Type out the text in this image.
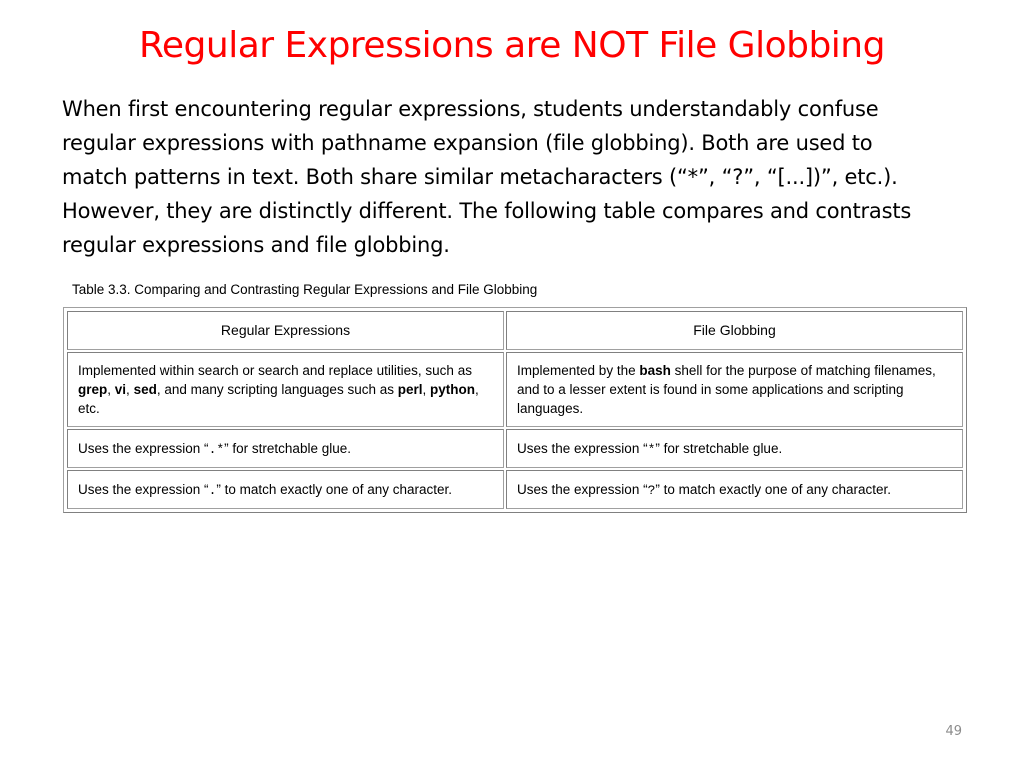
Regular Expressions are NOT File Globbing
When first encountering regular expressions, students understandably confuse regular expressions with pathname expansion (file globbing). Both are used to match patterns in text. Both share similar metacharacters (“*”, “?”, “[...])”, etc.). However, they are distinctly different. The following table compares and contrasts regular expressions and file globbing.
Table 3.3. Comparing and Contrasting Regular Expressions and File Globbing
Regular Expressions	File Globbing
Implemented within search or search and replace utilities, such as grep, vi, sed, and many scripting languages such as perl, python, etc.	Implemented by the bash shell for the purpose of matching filenames, and to a lesser extent is found in some applications and scripting languages.
Uses the expression “.*” for stretchable glue.	Uses the expression “*” for stretchable glue.
Uses the expression “.” to match exactly one of any character.	Uses the expression “?” to match exactly one of any character.
49
